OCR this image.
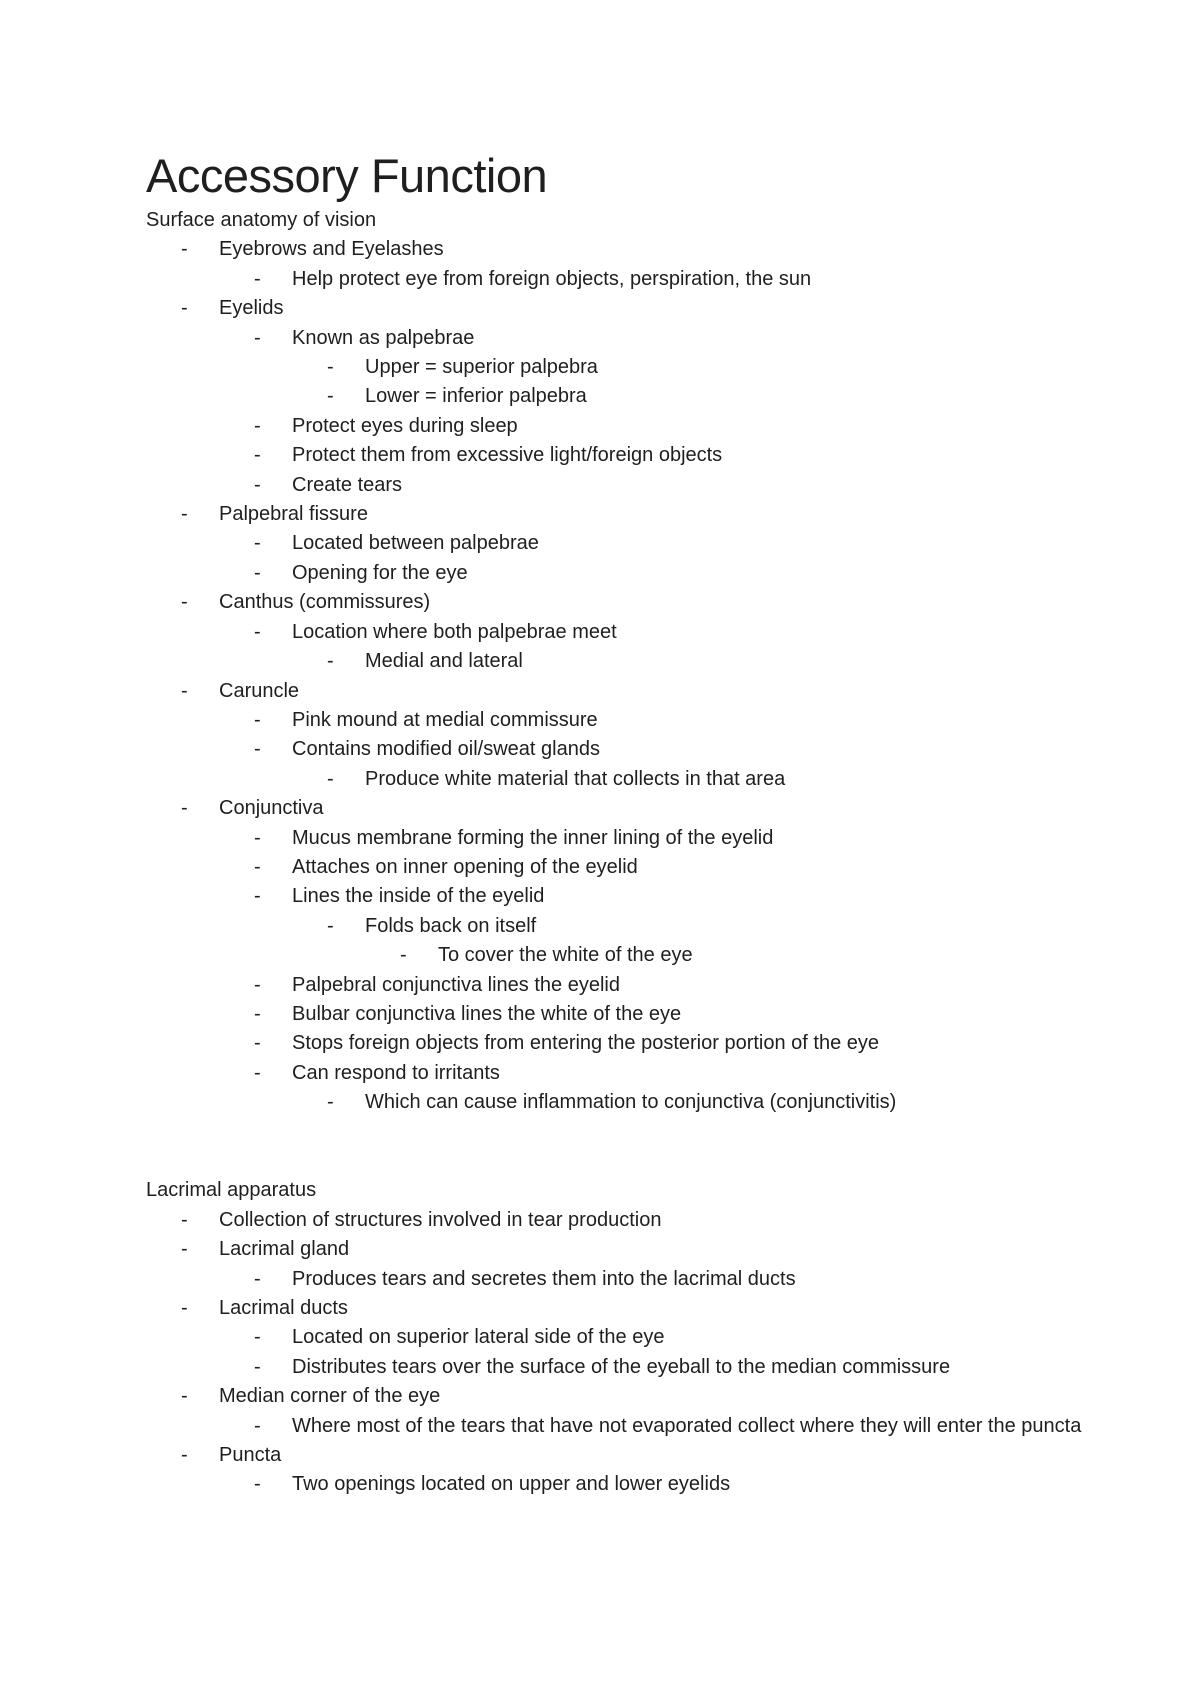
Accessory Function

Surface anatomy of vision

- Eyebrows and Eyelashes
- Help protect eye from foreign objects, perspiration, the sun
- Eyelids
- Known as palpebrae
- Upper = superior palpebra
- Lower = inferior palpebra
- Protect eyes during sleep
- Protect them from excessive light/foreign objects
- Create tears
- Palpebral fissure
- Located between palpebrae
- Opening for the eye
- Canthus (commissures)
- Location where both palpebrae meet
- Medial and lateral
- Caruncle
- Pink mound at medial commissure
- Contains modified oil/sweat glands
- Produce white material that collects in that area
- Conjunctiva
- Mucus membrane forming the inner lining of the eyelid
- Attaches on inner opening of the eyelid
- Lines the inside of the eyelid
- Folds back on itself
- To cover the white of the eye
- Palpebral conjunctiva lines the eyelid
- Bulbar conjunctiva lines the white of the eye
- Stops foreign objects from entering the posterior portion of the eye
- Can respond to irritants
- Which can cause inflammation to conjunctiva (conjunctivitis)

Lacrimal apparatus

- Collection of structures involved in tear production
- Lacrimal gland
- Produces tears and secretes them into the lacrimal ducts
- Lacrimal ducts
- Located on superior lateral side of the eye
- Distributes tears over the surface of the eyeball to the median commissure
- Median corner of the eye
- Where most of the tears that have not evaporated collect where they will enter the puncta
- Puncta
- Two openings located on upper and lower eyelids
